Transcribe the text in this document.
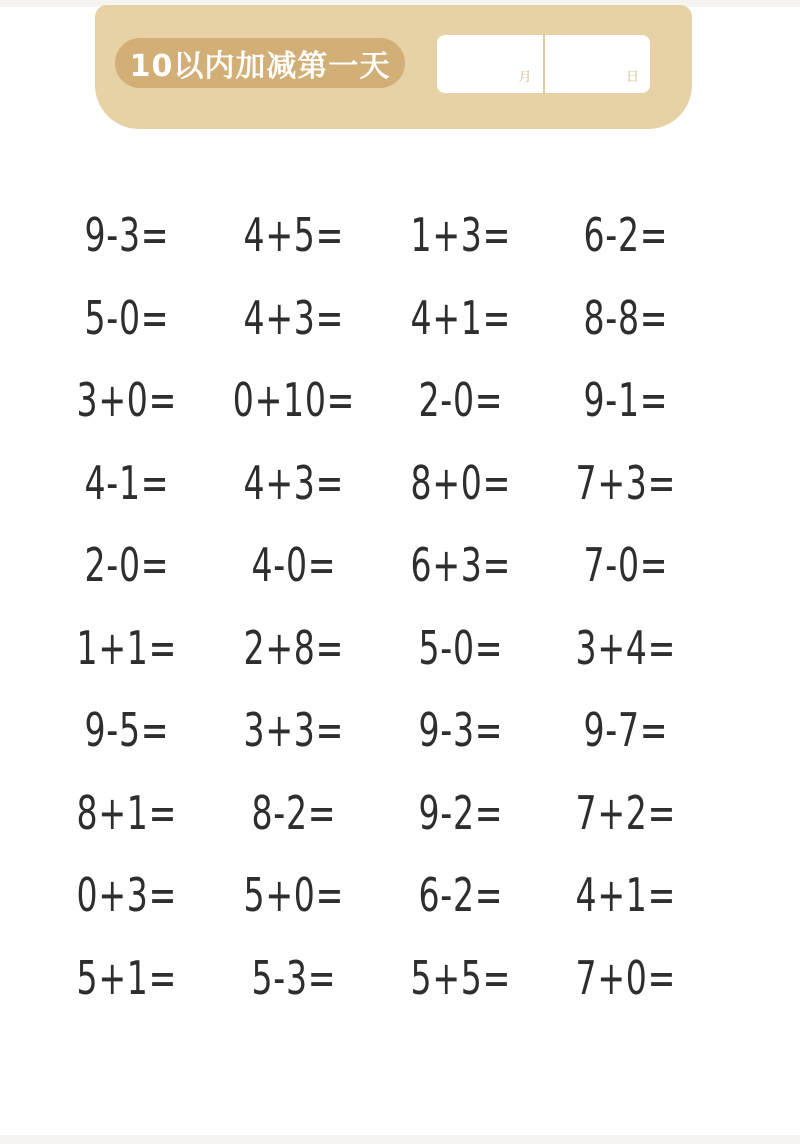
10以内加减第一天	月	日
9-3= 4+5= 1+3= 6-2=
5-0= 4+3= 4+1= 8-8=
3+0= 0+10= 2-0= 9-1=
4-1= 4+3= 8+0= 7+3=
2-0= 4-0= 6+3= 7-0=
1+1= 2+8= 5-0= 3+4=
9-5= 3+3= 9-3= 9-7=
8+1= 8-2= 9-2= 7+2=
0+3= 5+0= 6-2= 4+1=
5+1= 5-3= 5+5= 7+0=
